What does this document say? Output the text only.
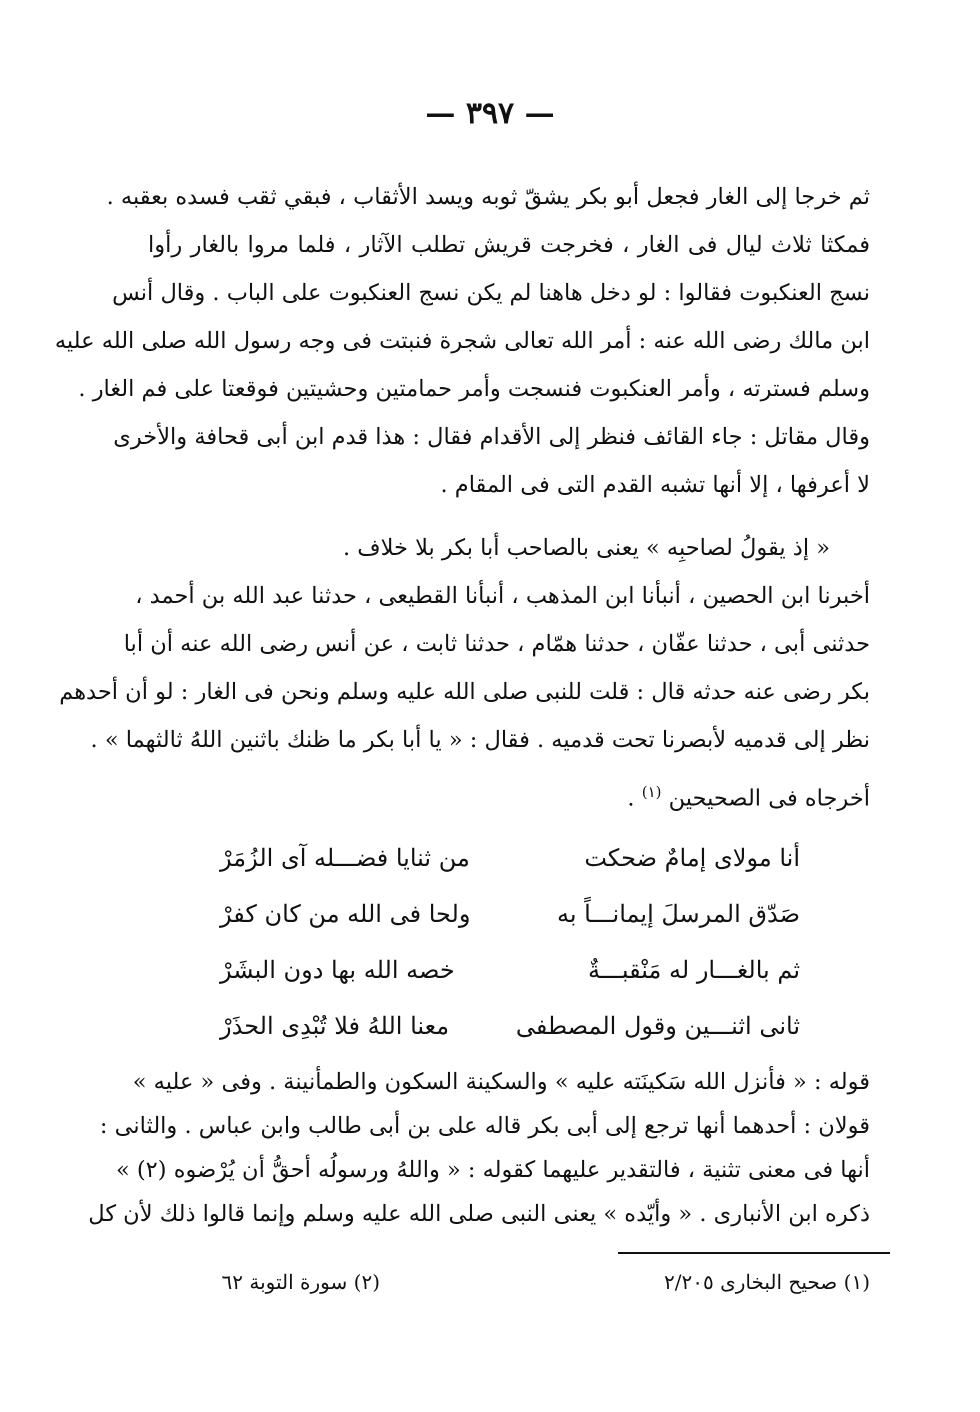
— ٣٩٧ —
ثم خرجا إلى الغار فجعل أبو بكر يشقّ ثوبه ويسد الأثقاب ، فبقي ثقب فسده بعقبه .
فمكثا ثلاث ليال فى الغار ، فخرجت قريش تطلب الآثار ، فلما مروا بالغار رأوا
نسج العنكبوت فقالوا : لو دخل هاهنا لم يكن نسج العنكبوت على الباب . وقال أنس
ابن مالك رضى الله عنه : أمر الله تعالى شجرة فنبتت فى وجه رسول الله صلى الله عليه
وسلم فسترته ، وأمر العنكبوت فنسجت وأمر حمامتين وحشيتين فوقعتا على فم الغار .
وقال مقاتل : جاء القائف فنظر إلى الأقدام فقال : هذا قدم ابن أبى قحافة والأخرى
لا أعرفها ، إلا أنها تشبه القدم التى فى المقام .
« إذ يقولُ لصاحبِه » يعنى بالصاحب أبا بكر بلا خلاف .
أخبرنا ابن الحصين ، أنبأنا ابن المذهب ، أنبأنا القطيعى ، حدثنا عبد الله بن أحمد ،
حدثنى أبى ، حدثنا عفّان ، حدثنا همّام ، حدثنا ثابت ، عن أنس رضى الله عنه أن أبا
بكر رضى عنه حدثه قال : قلت للنبى صلى الله عليه وسلم ونحن فى الغار : لو أن أحدهم
نظر إلى قدميه لأبصرنا تحت قدميه . فقال : « يا أبا بكر ما ظنك باثنين اللهُ ثالثهما » .
أخرجاه فى الصحيحين $^{(١)}$ .
أنا مولاى إمامٌ ضحكت
من ثنايا فضـــله آى الزُمَرْ
صَدّق المرسلَ إيمانـــاً به
ولحا فى الله من كان كفرْ
ثم بالغـــار له مَنْقبـــةٌ
خصه الله بها دون البشَرْ
ثانى اثنـــين وقول المصطفى
معنا اللهُ فلا تُبْدِى الحذَرْ
قوله : « فأنزل الله سَكينَته عليه » والسكينة السكون والطمأنينة . وفى « عليه »
قولان : أحدهما أنها ترجع إلى أبى بكر قاله على بن أبى طالب وابن عباس . والثانى :
أنها فى معنى تثنية ، فالتقدير عليهما كقوله : « واللهُ ورسولُه أحقُّ أن يُرْضوه (٢) »
ذكره ابن الأنبارى . « وأيّده » يعنى النبى صلى الله عليه وسلم وإنما قالوا ذلك لأن كل
(١) صحيح البخارى ٢/٢٠٥
(٢) سورة التوبة ٦٢
